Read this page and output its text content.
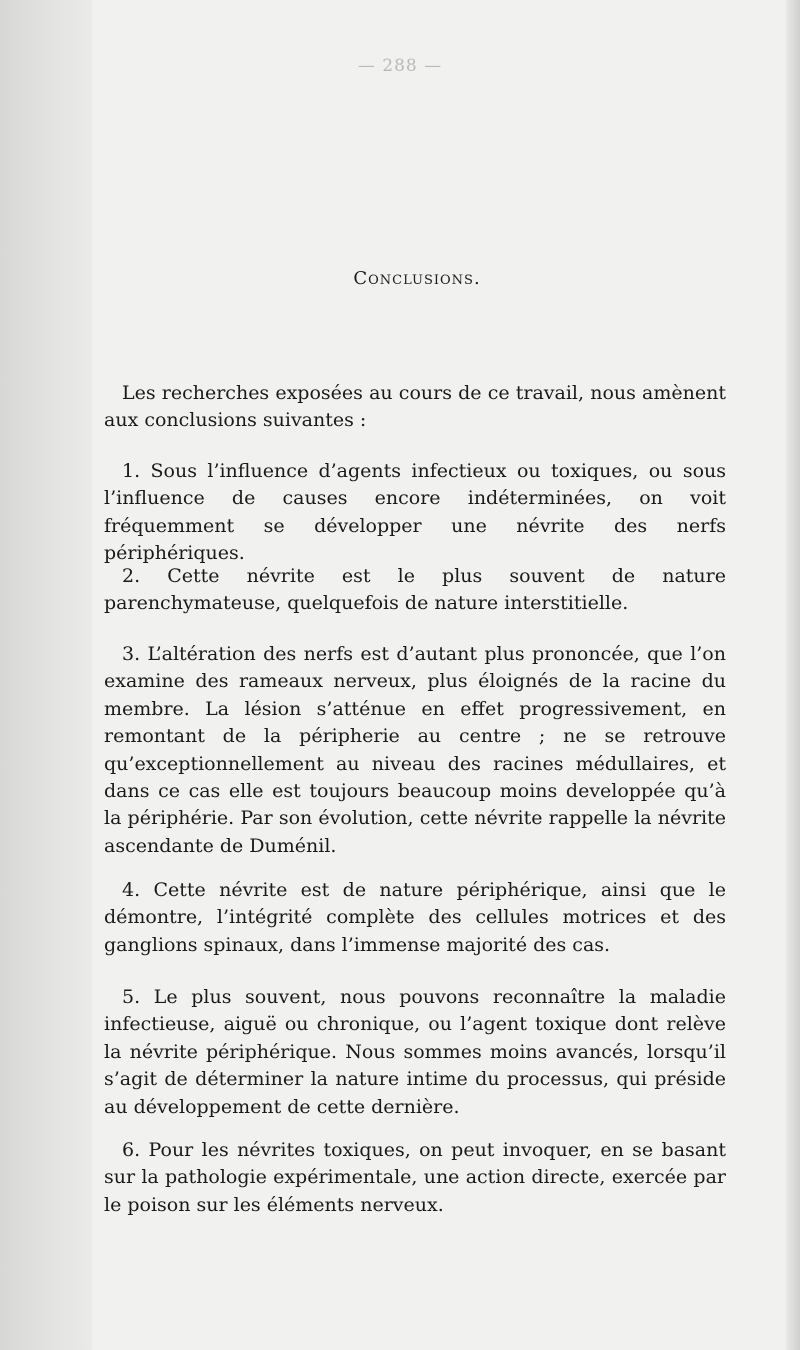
— 288 —
Conclusions.

Les recherches exposées au cours de ce travail, nous amènent aux conclusions suivantes :

1. Sous l’influence d’agents infectieux ou toxiques, ou sous l’influence de causes encore indéterminées, on voit fréquemment se développer une névrite des nerfs périphériques.

2. Cette névrite est le plus souvent de nature parenchymateuse, quelquefois de nature interstitielle.

3. L’altération des nerfs est d’autant plus prononcée, que l’on examine des rameaux nerveux, plus éloignés de la racine du membre. La lésion s’atténue en effet progressivement, en remontant de la péripherie au centre ; ne se retrouve qu’exceptionnellement au niveau des racines médullaires, et dans ce cas elle est toujours beaucoup moins developpée qu’à la périphérie. Par son évolution, cette névrite rappelle la névrite ascendante de Duménil.

4. Cette névrite est de nature périphérique, ainsi que le démontre, l’intégrité complète des cellules motrices et des ganglions spinaux, dans l’immense majorité des cas.

5. Le plus souvent, nous pouvons reconnaître la maladie infectieuse, aiguë ou chronique, ou l’agent toxique dont relève la névrite périphérique. Nous sommes moins avancés, lorsqu’il s’agit de déterminer la nature intime du processus, qui préside au développement de cette dernière.

6. Pour les névrites toxiques, on peut invoquer, en se basant sur la pathologie expérimentale, une action directe, exercée par le poison sur les éléments nerveux.
